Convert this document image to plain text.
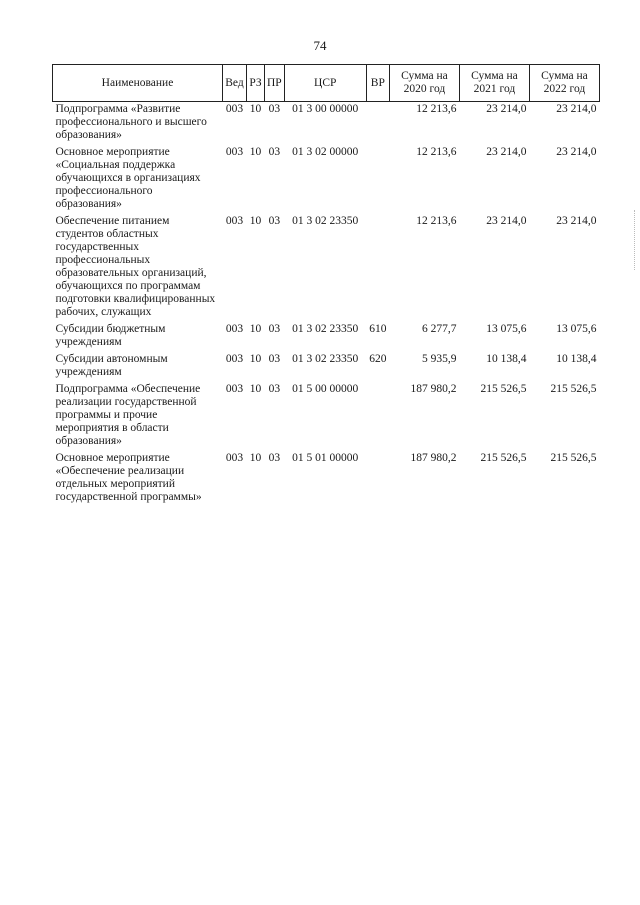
74
Наименование	Вед	РЗ	ПР	ЦСР	ВР	Сумма на 2020 год	Сумма на 2021 год	Сумма на 2022 год
Подпрограмма «Развитие профессионального и высшего образования»	003	10	03	01 3 00 00000		12 213,6	23 214,0	23 214,0
Основное мероприятие «Социальная поддержка обучающихся в организациях профессионального образования»	003	10	03	01 3 02 00000		12 213,6	23 214,0	23 214,0
Обеспечение питанием студентов областных государственных профессиональных образовательных организаций, обучающихся по программам подготовки квалифицированных рабочих, служащих	003	10	03	01 3 02 23350		12 213,6	23 214,0	23 214,0
Субсидии бюджетным учреждениям	003	10	03	01 3 02 23350	610	6 277,7	13 075,6	13 075,6
Субсидии автономным учреждениям	003	10	03	01 3 02 23350	620	5 935,9	10 138,4	10 138,4
Подпрограмма «Обеспечение реализации государственной программы и прочие мероприятия в области образования»	003	10	03	01 5 00 00000		187 980,2	215 526,5	215 526,5
Основное мероприятие «Обеспечение реализации отдельных мероприятий государственной программы»	003	10	03	01 5 01 00000		187 980,2	215 526,5	215 526,5
